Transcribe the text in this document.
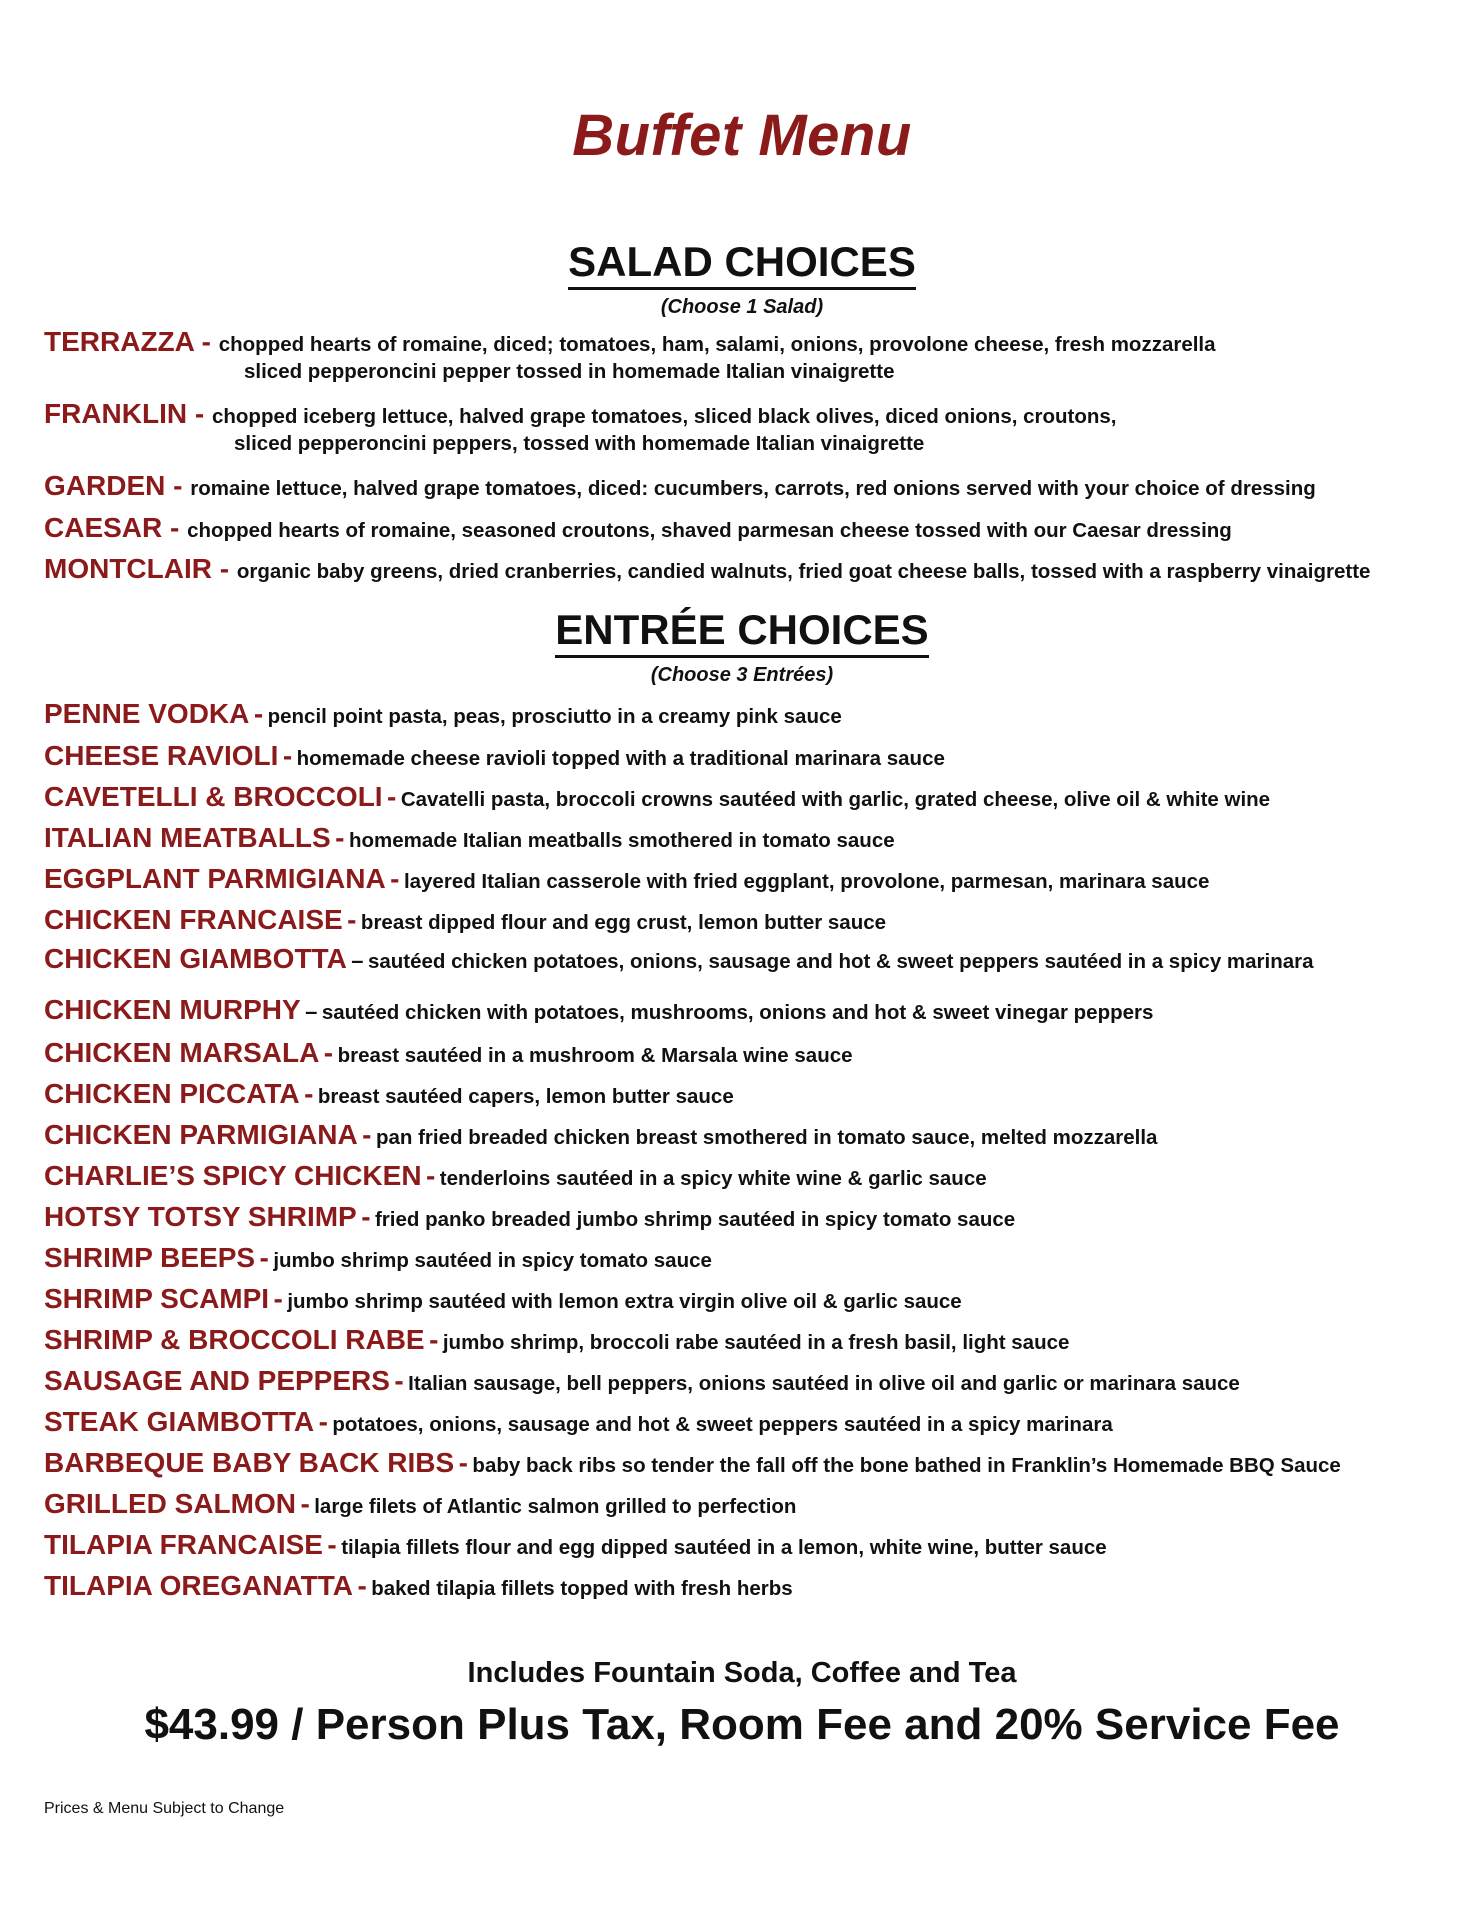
Buffet Menu
SALAD CHOICES
(Choose 1 Salad)
TERRAZZA - chopped hearts of romaine, diced; tomatoes, ham, salami, onions, provolone cheese, fresh mozzarella
sliced pepperoncini pepper tossed in homemade Italian vinaigrette
FRANKLIN - chopped iceberg lettuce, halved grape tomatoes, sliced black olives, diced onions, croutons,
sliced pepperoncini peppers, tossed with homemade Italian vinaigrette
GARDEN - romaine lettuce, halved grape tomatoes, diced: cucumbers, carrots, red onions served with your choice of dressing
CAESAR - chopped hearts of romaine, seasoned croutons, shaved parmesan cheese tossed with our Caesar dressing
MONTCLAIR - organic baby greens, dried cranberries, candied walnuts, fried goat cheese balls, tossed with a raspberry vinaigrette
ENTRÉE CHOICES
(Choose 3 Entrées)
PENNE VODKA - pencil point pasta, peas, prosciutto in a creamy pink sauce
CHEESE RAVIOLI - homemade cheese ravioli topped with a traditional marinara sauce
CAVETELLI & BROCCOLI - Cavatelli pasta, broccoli crowns sautéed with garlic, grated cheese, olive oil & white wine
ITALIAN MEATBALLS - homemade Italian meatballs smothered in tomato sauce
EGGPLANT PARMIGIANA - layered Italian casserole with fried eggplant, provolone, parmesan, marinara sauce
CHICKEN FRANCAISE - breast dipped flour and egg crust, lemon butter sauce
CHICKEN GIAMBOTTA – sautéed chicken potatoes, onions, sausage and hot & sweet peppers sautéed in a spicy marinara
CHICKEN MURPHY – sautéed chicken with potatoes, mushrooms, onions and hot & sweet vinegar peppers
CHICKEN MARSALA - breast sautéed in a mushroom & Marsala wine sauce
CHICKEN PICCATA - breast sautéed capers, lemon butter sauce
CHICKEN PARMIGIANA - pan fried breaded chicken breast smothered in tomato sauce, melted mozzarella
CHARLIE’S SPICY CHICKEN - tenderloins sautéed in a spicy white wine & garlic sauce
HOTSY TOTSY SHRIMP - fried panko breaded jumbo shrimp sautéed in spicy tomato sauce
SHRIMP BEEPS - jumbo shrimp sautéed in spicy tomato sauce
SHRIMP SCAMPI - jumbo shrimp sautéed with lemon extra virgin olive oil & garlic sauce
SHRIMP & BROCCOLI RABE - jumbo shrimp, broccoli rabe sautéed in a fresh basil, light sauce
SAUSAGE AND PEPPERS - Italian sausage, bell peppers, onions sautéed in olive oil and garlic or marinara sauce
STEAK GIAMBOTTA - potatoes, onions, sausage and hot & sweet peppers sautéed in a spicy marinara
BARBEQUE BABY BACK RIBS - baby back ribs so tender the fall off the bone bathed in Franklin’s Homemade BBQ Sauce
GRILLED SALMON - large filets of Atlantic salmon grilled to perfection
TILAPIA FRANCAISE - tilapia fillets flour and egg dipped sautéed in a lemon, white wine, butter sauce
TILAPIA OREGANATTA - baked tilapia fillets topped with fresh herbs
Includes Fountain Soda, Coffee and Tea
$43.99 / Person Plus Tax, Room Fee and 20% Service Fee
Prices & Menu Subject to Change
